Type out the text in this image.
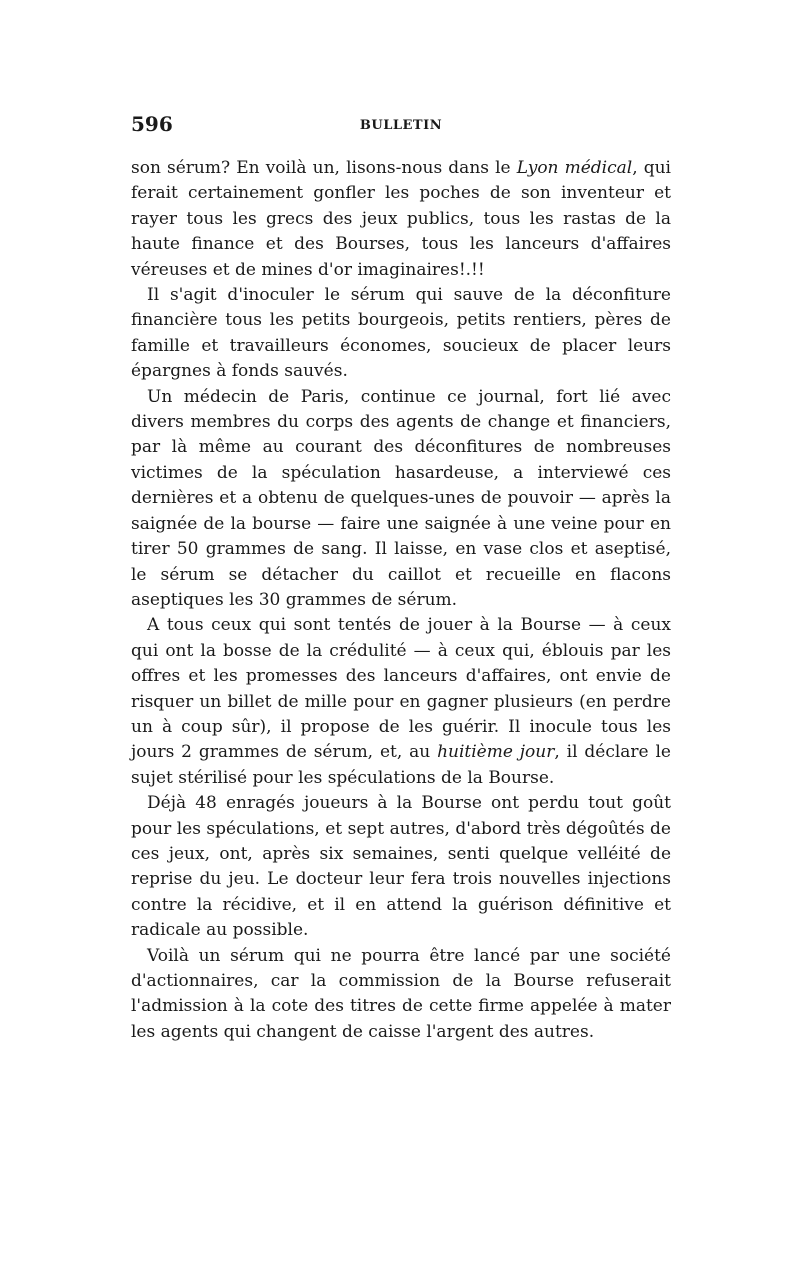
596	BULLETIN

son sérum? En voilà un, lisons-nous dans le Lyon médical, qui ferait certainement gonfler les poches de son inventeur et rayer tous les grecs des jeux publics, tous les rastas de la haute finance et des Bourses, tous les lanceurs d'affaires véreuses et de mines d'or imaginaires!.!!

Il s'agit d'inoculer le sérum qui sauve de la déconfiture financière tous les petits bourgeois, petits rentiers, pères de famille et travailleurs économes, soucieux de placer leurs épargnes à fonds sauvés.

Un médecin de Paris, continue ce journal, fort lié avec divers membres du corps des agents de change et financiers, par là même au courant des déconfitures de nombreuses victimes de la spéculation hasardeuse, a interviewé ces dernières et a obtenu de quelques-unes de pouvoir — après la saignée de la bourse — faire une saignée à une veine pour en tirer 50 grammes de sang. Il laisse, en vase clos et aseptisé, le sérum se détacher du caillot et recueille en flacons aseptiques les 30 grammes de sérum.

A tous ceux qui sont tentés de jouer à la Bourse — à ceux qui ont la bosse de la crédulité — à ceux qui, éblouis par les offres et les promesses des lanceurs d'affaires, ont envie de risquer un billet de mille pour en gagner plusieurs (en perdre un à coup sûr), il propose de les guérir. Il inocule tous les jours 2 grammes de sérum, et, au huitième jour, il déclare le sujet stérilisé pour les spéculations de la Bourse.

Déjà 48 enragés joueurs à la Bourse ont perdu tout goût pour les spéculations, et sept autres, d'abord très dégoûtés de ces jeux, ont, après six semaines, senti quelque velléité de reprise du jeu. Le docteur leur fera trois nouvelles injections contre la récidive, et il en attend la guérison définitive et radicale au possible.

Voilà un sérum qui ne pourra être lancé par une société d'actionnaires, car la commission de la Bourse refuserait l'admission à la cote des titres de cette firme appelée à mater les agents qui changent de caisse l'argent des autres.
